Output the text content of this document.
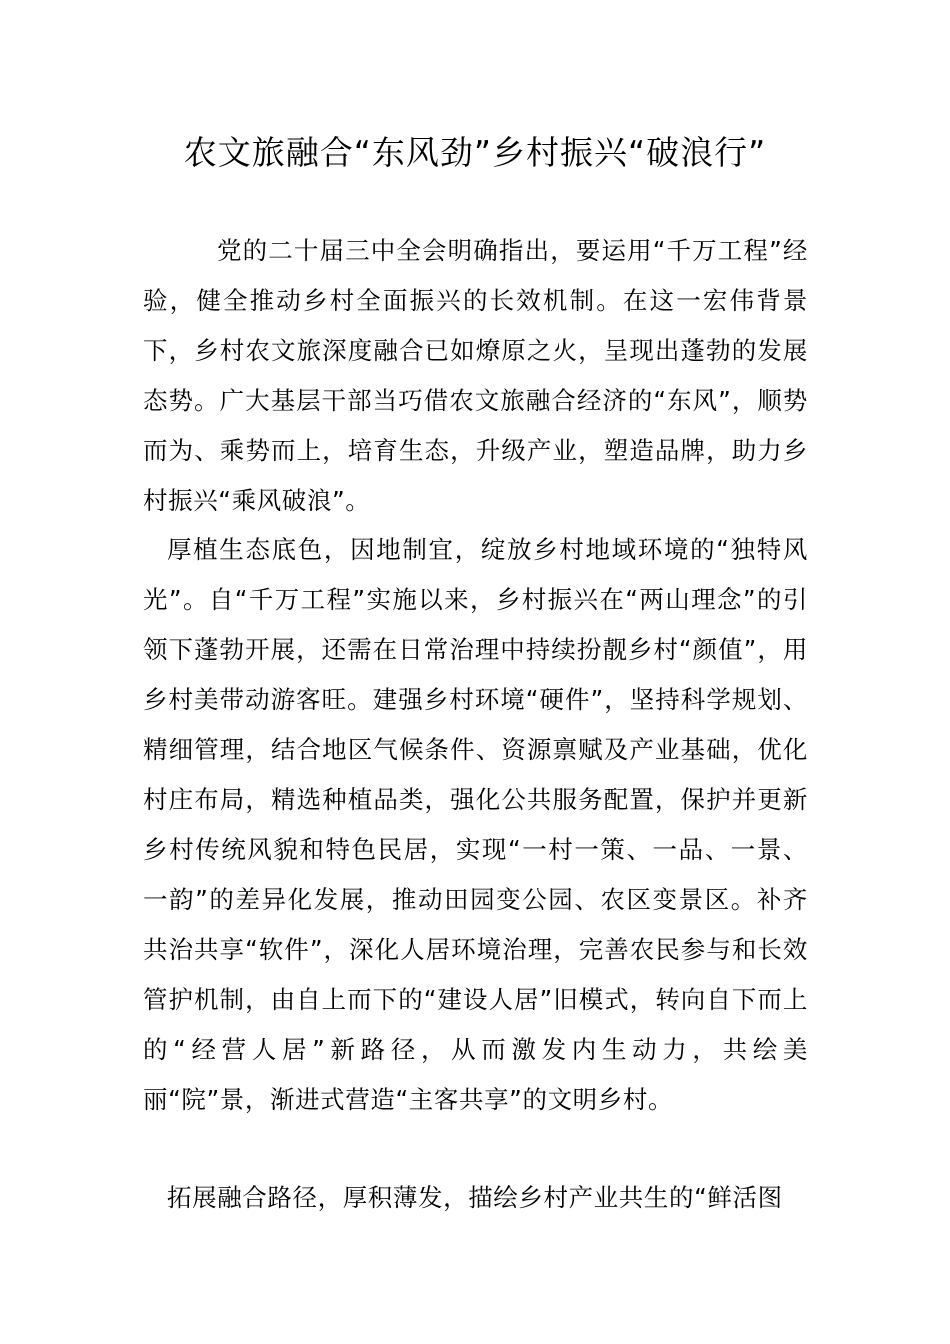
农文旅融合“东风劲”乡村振兴“破浪行”

党的二十届三中全会明确指出，要运用“千万工程”经验，健全推动乡村全面振兴的长效机制。在这一宏伟背景下，乡村农文旅深度融合已如燎原之火，呈现出蓬勃的发展态势。广大基层干部当巧借农文旅融合经济的“东风”，顺势而为、乘势而上，培育生态，升级产业，塑造品牌，助力乡村振兴“乘风破浪”。

厚植生态底色，因地制宜，绽放乡村地域环境的“独特风光”。自“千万工程”实施以来，乡村振兴在“两山理念”的引领下蓬勃开展，还需在日常治理中持续扮靓乡村“颜值”，用乡村美带动游客旺。建强乡村环境“硬件”，坚持科学规划、精细管理，结合地区气候条件、资源禀赋及产业基础，优化村庄布局，精选种植品类，强化公共服务配置，保护并更新乡村传统风貌和特色民居，实现“一村一策、一品、一景、一韵”的差异化发展，推动田园变公园、农区变景区。补齐共治共享“软件”，深化人居环境治理，完善农民参与和长效管护机制，由自上而下的“建设人居”旧模式，转向自下而上的“经营人居”新路径，从而激发内生动力，共绘美丽“院”景，渐进式营造“主客共享”的文明乡村。

拓展融合路径，厚积薄发，描绘乡村产业共生的“鲜活图
